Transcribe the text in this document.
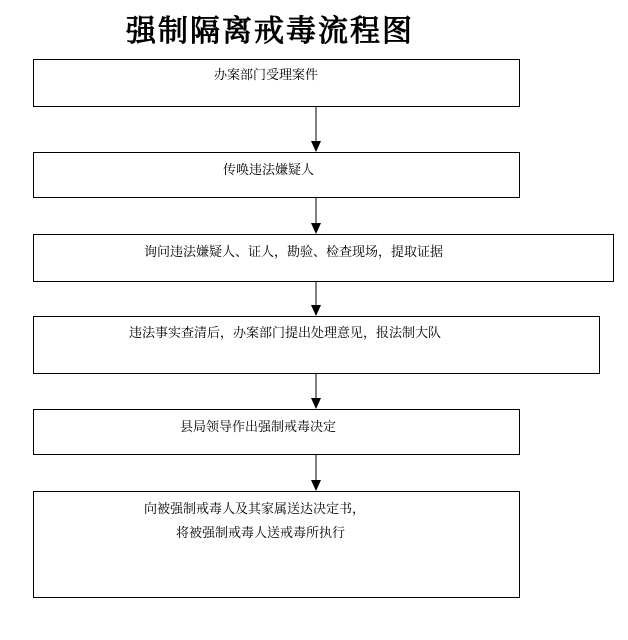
强制隔离戒毒流程图
办案部门受理案件
传唤违法嫌疑人
询问违法嫌疑人、证人，勘验、检查现场，提取证据
违法事实查清后，办案部门提出处理意见，报法制大队
县局领导作出强制戒毒决定
向被强制戒毒人及其家属送达决定书，
将被强制戒毒人送戒毒所执行
